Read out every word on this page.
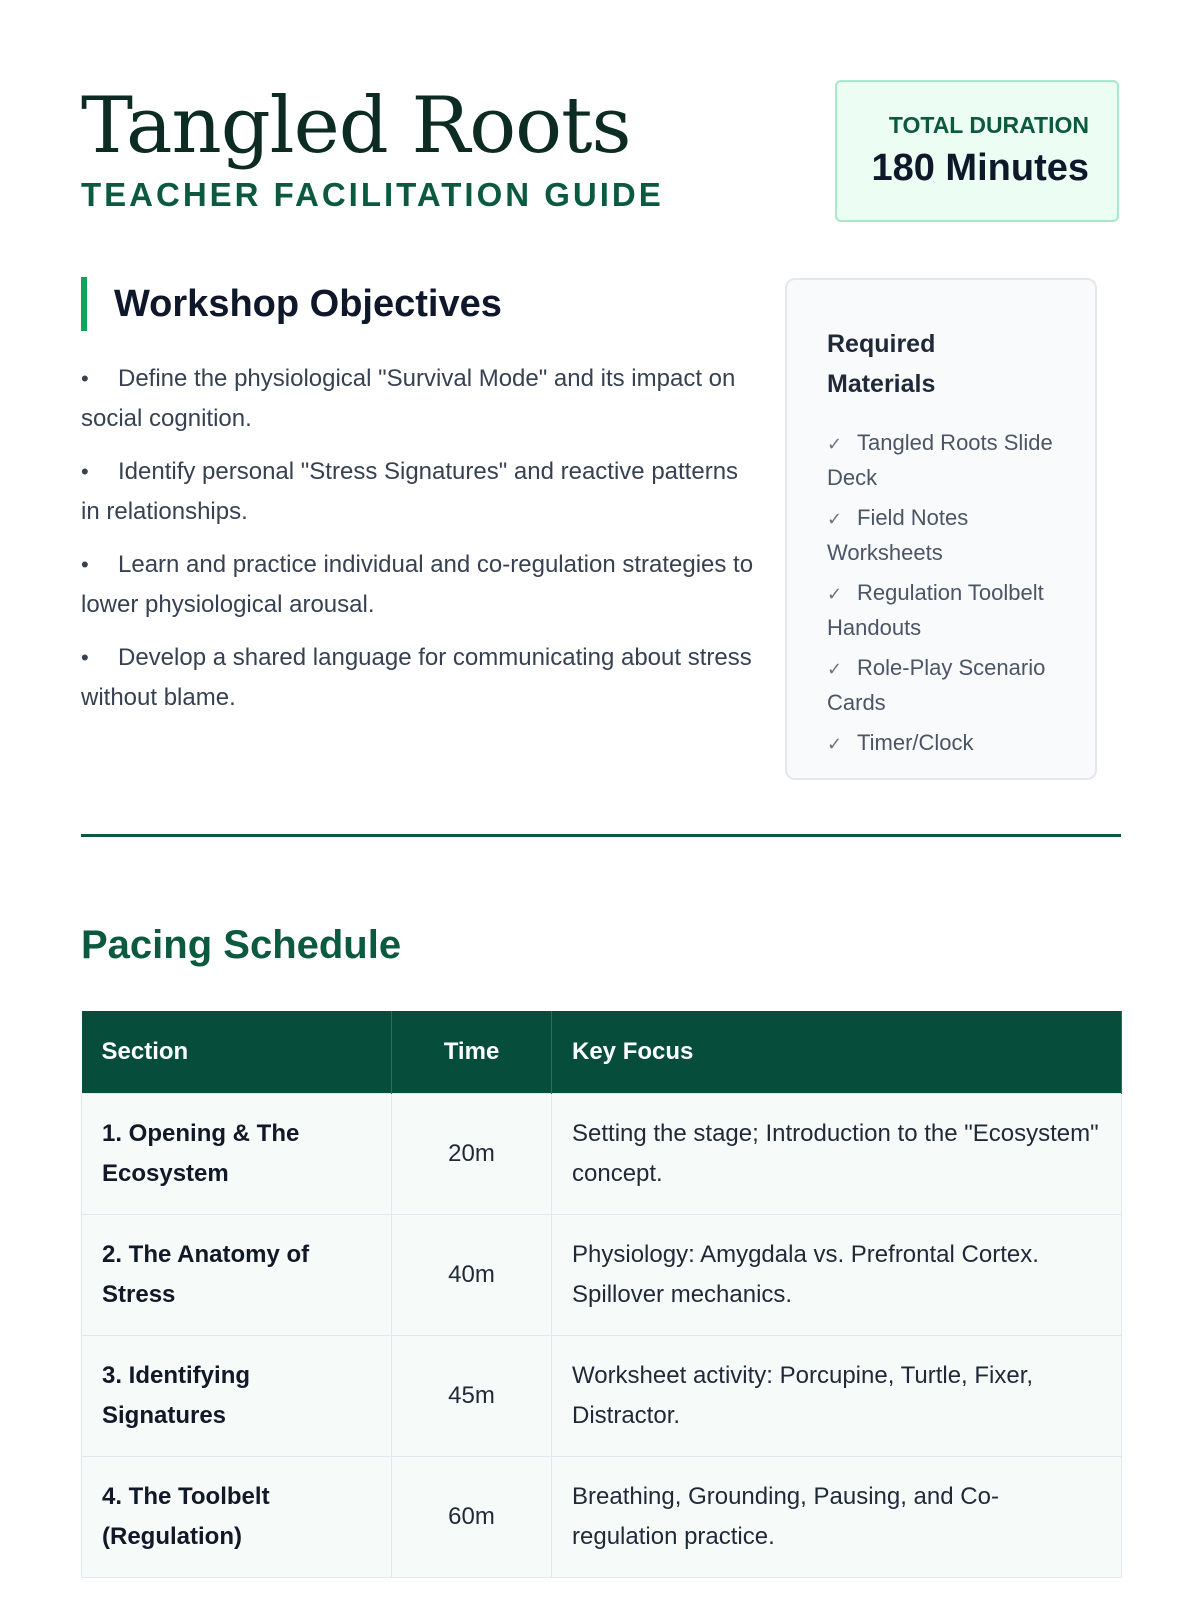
Tangled Roots
TEACHER FACILITATION GUIDE
TOTAL DURATION
180 Minutes
Workshop Objectives
• Define the physiological "Survival Mode" and its impact on social cognition.
• Identify personal "Stress Signatures" and reactive patterns in relationships.
• Learn and practice individual and co-regulation strategies to lower physiological arousal.
• Develop a shared language for communicating about stress without blame.
Required Materials
✓ Tangled Roots Slide Deck
✓ Field Notes Worksheets
✓ Regulation Toolbelt Handouts
✓ Role-Play Scenario Cards
✓ Timer/Clock
Pacing Schedule
Section	Time	Key Focus
1. Opening & The Ecosystem	20m	Setting the stage; Introduction to the "Ecosystem" concept.
2. The Anatomy of Stress	40m	Physiology: Amygdala vs. Prefrontal Cortex. Spillover mechanics.
3. Identifying Signatures	45m	Worksheet activity: Porcupine, Turtle, Fixer, Distractor.
4. The Toolbelt (Regulation)	60m	Breathing, Grounding, Pausing, and Co-regulation practice.
